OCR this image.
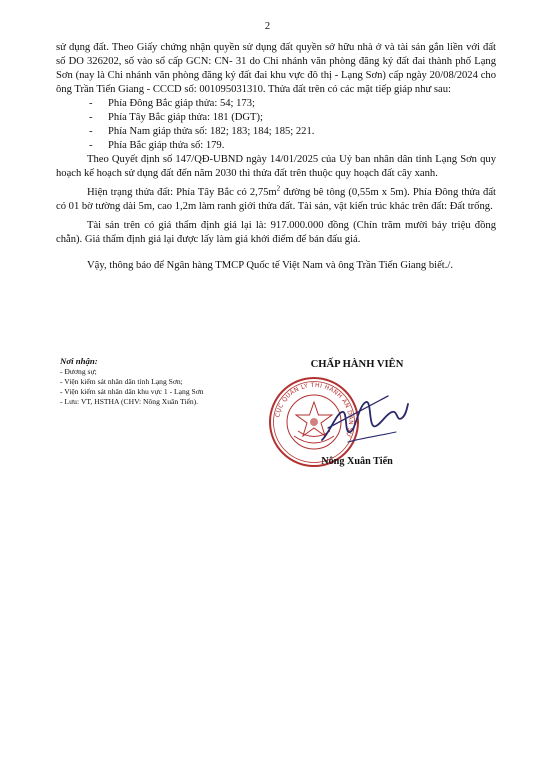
2

sử dụng đất. Theo Giấy chứng nhận quyền sử dụng đất quyền sở hữu nhà ở và tài sản gắn liền với đất số DO 326202, số vào sổ cấp GCN: CN- 31 do Chi nhánh văn phòng đăng ký đất đai thành phố Lạng Sơn (nay là Chi nhánh văn phòng đăng ký đất đai khu vực đô thị - Lạng Sơn) cấp ngày 20/08/2024 cho ông Trần Tiến Giang - CCCD số: 001095031310. Thửa đất trên có các mặt tiếp giáp như sau:

- Phía Đông Bắc giáp thửa: 54; 173;
- Phía Tây Bắc giáp thửa: 181 (DGT);
- Phía Nam giáp thửa số: 182; 183; 184; 185; 221.
- Phía Bắc giáp thửa số: 179.

Theo Quyết định số 147/QĐ-UBND ngày 14/01/2025 của Uỷ ban nhân dân tỉnh Lạng Sơn quy hoạch kế hoạch sử dụng đất đến năm 2030 thì thửa đất trên thuộc quy hoạch đất cây xanh.

Hiện trạng thửa đất: Phía Tây Bắc có $2,75m^2$ đường bê tông (0,55m x 5m). Phía Đông thửa đất có 01 bờ tường dài 5m, cao 1,2m làm ranh giới thửa đất. Tài sản, vật kiến trúc khác trên đất: Đất trống.

Tài sản trên có giá thẩm định giá lại là: 917.000.000 đồng (Chín trăm mười bảy triệu đồng chẵn). Giá thẩm định giá lại được lấy làm giá khởi điểm để bán đấu giá.

Vậy, thông báo để Ngân hàng TMCP Quốc tế Việt Nam và ông Trần Tiến Giang biết./.

Nơi nhận:
- Đương sự;
- Viện kiểm sát nhân dân tỉnh Lạng Sơn;
- Viện kiểm sát nhân dân khu vực 1 - Lạng Sơn
- Lưu: VT, HSTHA (CHV: Nông Xuân Tiến).
CỤC QUẢN LÝ THI HÀNH ÁN DÂN SỰ
CHẤP HÀNH VIÊN
Nông Xuân Tiến
